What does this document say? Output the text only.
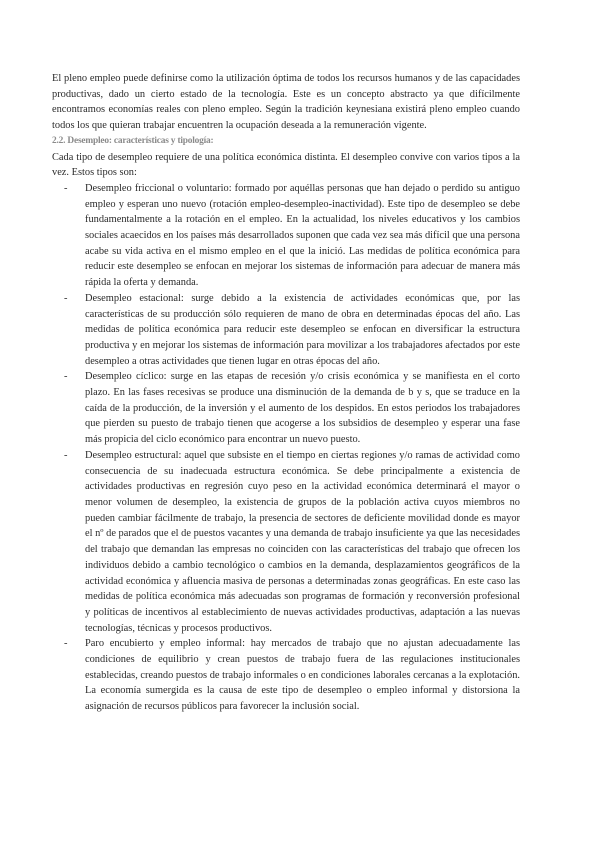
El pleno empleo puede definirse como la utilización óptima de todos los recursos humanos y de las capacidades productivas, dado un cierto estado de la tecnología. Este es un concepto abstracto ya que difícilmente encontramos economías reales con pleno empleo. Según la tradición keynesiana existirá pleno empleo cuando todos los que quieran trabajar encuentren la ocupación deseada a la remuneración vigente.

2.2. Desempleo: características y tipología:

Cada tipo de desempleo requiere de una política económica distinta. El desempleo convive con varios tipos a la vez. Estos tipos son:

- Desempleo friccional o voluntario: formado por aquéllas personas que han dejado o perdido su antiguo empleo y esperan uno nuevo (rotación empleo-desempleo-inactividad). Este tipo de desempleo se debe fundamentalmente a la rotación en el empleo. En la actualidad, los niveles educativos y los cambios sociales acaecidos en los países más desarrollados suponen que cada vez sea más difícil que una persona acabe su vida activa en el mismo empleo en el que la inició. Las medidas de política económica para reducir este desempleo se enfocan en mejorar los sistemas de información para adecuar de manera más rápida la oferta y demanda.
- Desempleo estacional: surge debido a la existencia de actividades económicas que, por las características de su producción sólo requieren de mano de obra en determinadas épocas del año. Las medidas de política económica para reducir este desempleo se enfocan en diversificar la estructura productiva y en mejorar los sistemas de información para movilizar a los trabajadores afectados por este desempleo a otras actividades que tienen lugar en otras épocas del año.
- Desempleo cíclico: surge en las etapas de recesión y/o crisis económica y se manifiesta en el corto plazo. En las fases recesivas se produce una disminución de la demanda de b y s, que se traduce en la caída de la producción, de la inversión y el aumento de los despidos. En estos periodos los trabajadores que pierden su puesto de trabajo tienen que acogerse a los subsidios de desempleo y esperar una fase más propicia del ciclo económico para encontrar un nuevo puesto.
- Desempleo estructural: aquel que subsiste en el tiempo en ciertas regiones y/o ramas de actividad como consecuencia de su inadecuada estructura económica. Se debe principalmente a existencia de actividades productivas en regresión cuyo peso en la actividad económica determinará el mayor o menor volumen de desempleo, la existencia de grupos de la población activa cuyos miembros no pueden cambiar fácilmente de trabajo, la presencia de sectores de deficiente movilidad donde es mayor el nº de parados que el de puestos vacantes y una demanda de trabajo insuficiente ya que las necesidades del trabajo que demandan las empresas no coinciden con las características del trabajo que ofrecen los individuos debido a cambio tecnológico o cambios en la demanda, desplazamientos geográficos de la actividad económica y afluencia masiva de personas a determinadas zonas geográficas. En este caso las medidas de política económica más adecuadas son programas de formación y reconversión profesional y políticas de incentivos al establecimiento de nuevas actividades productivas, adaptación a las nuevas tecnologías, técnicas y procesos productivos.
- Paro encubierto y empleo informal: hay mercados de trabajo que no ajustan adecuadamente las condiciones de equilibrio y crean puestos de trabajo fuera de las regulaciones institucionales establecidas, creando puestos de trabajo informales o en condiciones laborales cercanas a la explotación. La economía sumergida es la causa de este tipo de desempleo o empleo informal y distorsiona la asignación de recursos públicos para favorecer la inclusión social.
